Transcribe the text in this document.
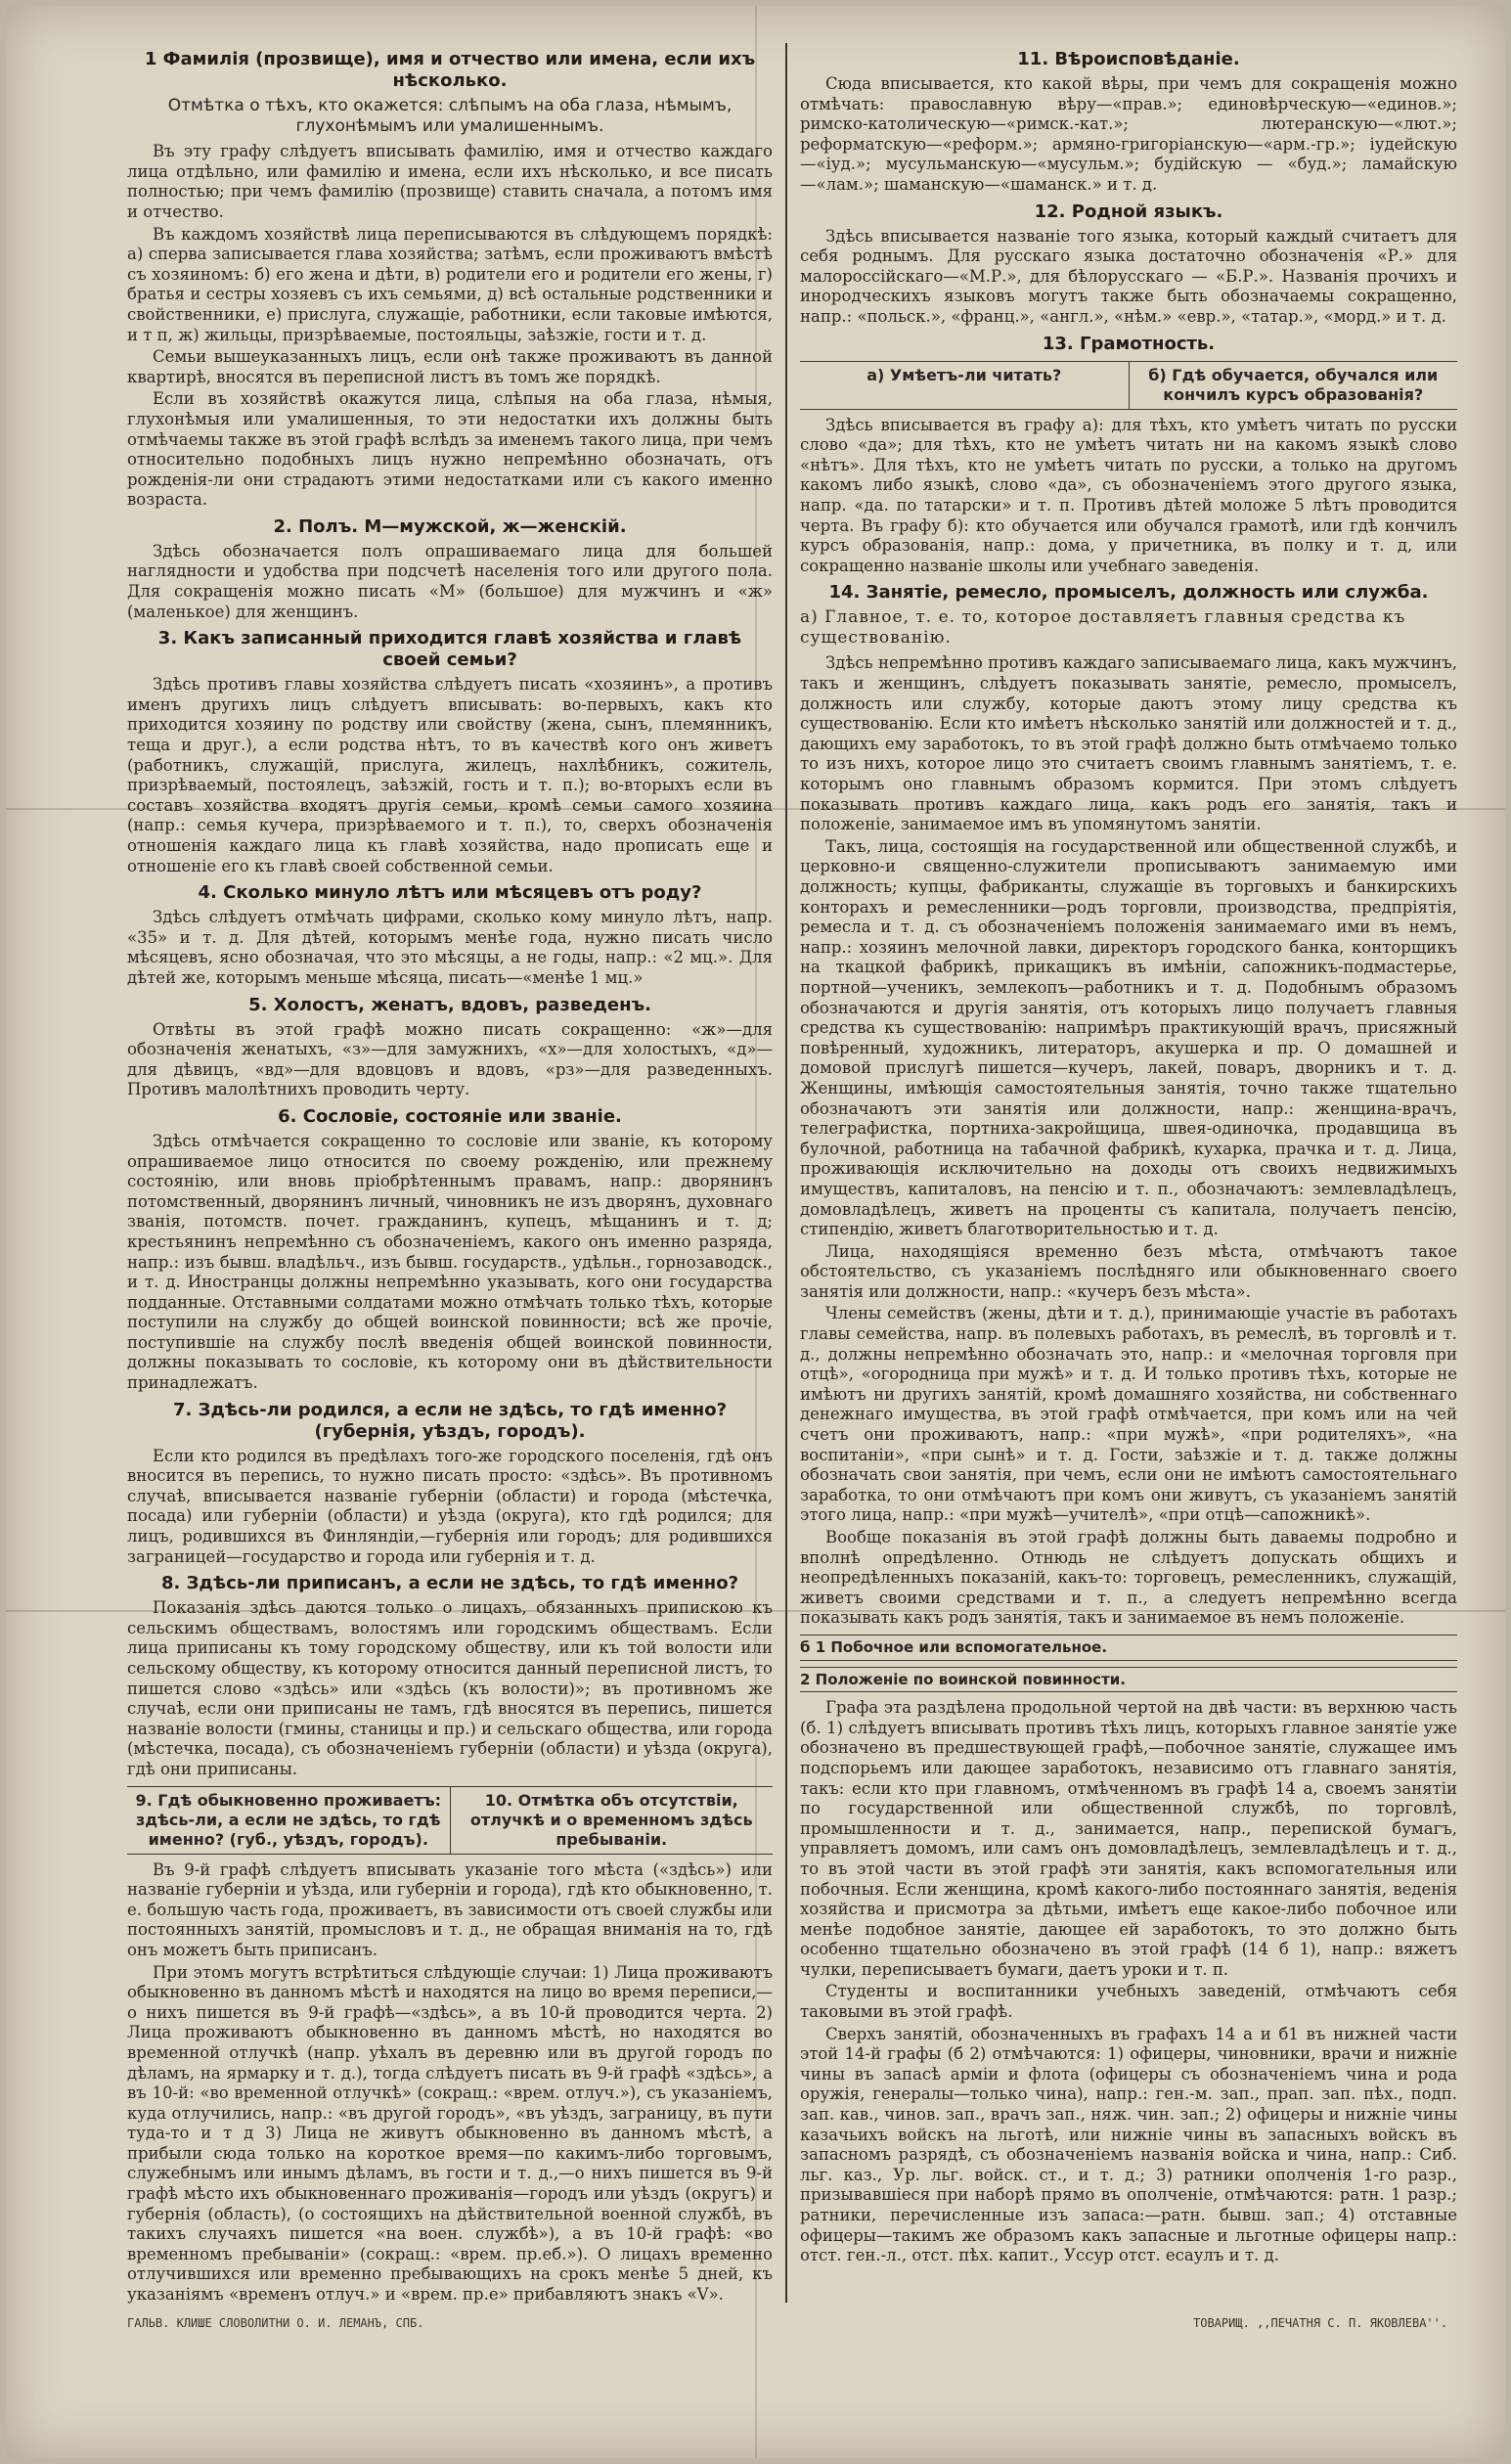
1 Фамилія (прозвище), имя и отчество или имена, если ихъ нѣсколько.

Отмѣтка о тѣхъ, кто окажется: слѣпымъ на оба глаза, нѣмымъ, глухонѣмымъ или умалишеннымъ.

Въ эту графу слѣдуетъ вписывать фамилію, имя и отчество каждаго лица отдѣльно, или фамилію и имена, если ихъ нѣсколько, и все писать полностью; при чемъ фамилію (прозвище) ставить сначала, а потомъ имя и отчество.

Въ каждомъ хозяйствѣ лица переписываются въ слѣдующемъ порядкѣ: а) сперва записывается глава хозяйства; затѣмъ, если проживаютъ вмѣстѣ съ хозяиномъ: б) его жена и дѣти, в) родители его и родители его жены, г) братья и сестры хозяевъ съ ихъ семьями, д) всѣ остальные родственники и свойственники, е) прислуга, служащіе, работники, если таковые имѣются, и т п, ж) жильцы, призрѣваемые, постояльцы, заѣзжіе, гости и т. д.

Семьи вышеуказанныхъ лицъ, если онѣ также проживаютъ въ данной квартирѣ, вносятся въ переписной листъ въ томъ же порядкѣ.

Если въ хозяйствѣ окажутся лица, слѣпыя на оба глаза, нѣмыя, глухонѣмыя или умалишенныя, то эти недостатки ихъ должны быть отмѣчаемы также въ этой графѣ вслѣдъ за именемъ такого лица, при чемъ относительно подобныхъ лицъ нужно непремѣнно обозначать, отъ рожденія-ли они страдаютъ этими недостатками или съ какого именно возраста.

2. Полъ. М—мужской, ж—женскій.

Здѣсь обозначается полъ опрашиваемаго лица для большей наглядности и удобства при подсчетѣ населенія того или другого пола. Для сокращенія можно писать «М» (большое) для мужчинъ и «ж» (маленькое) для женщинъ.

3. Какъ записанный приходится главѣ хозяйства и главѣ своей семьи?

Здѣсь противъ главы хозяйства слѣдуетъ писать «хозяинъ», а противъ именъ другихъ лицъ слѣдуетъ вписывать: во-первыхъ, какъ кто приходится хозяину по родству или свойству (жена, сынъ, племянникъ, теща и друг.), а если родства нѣтъ, то въ качествѣ кого онъ живетъ (работникъ, служащій, прислуга, жилецъ, нахлѣбникъ, сожитель, призрѣваемый, постоялецъ, заѣзжій, гость и т. п.); во-вторыхъ если въ составъ хозяйства входятъ другія семьи, кромѣ семьи самого хозяина (напр.: семья кучера, призрѣваемого и т. п.), то, сверхъ обозначенія отношенія каждаго лица къ главѣ хозяйства, надо прописать еще и отношеніе его къ главѣ своей собственной семьи.

4. Сколько минуло лѣтъ или мѣсяцевъ отъ роду?

Здѣсь слѣдуетъ отмѣчать цифрами, сколько кому минуло лѣтъ, напр. «35» и т. д. Для дѣтей, которымъ менѣе года, нужно писать число мѣсяцевъ, ясно обозначая, что это мѣсяцы, а не годы, напр.: «2 мц.». Для дѣтей же, которымъ меньше мѣсяца, писать—«менѣе 1 мц.»

5. Холостъ, женатъ, вдовъ, разведенъ.

Отвѣты въ этой графѣ можно писать сокращенно: «ж»—для обозначенія женатыхъ, «з»—для замужнихъ, «х»—для холостыхъ, «д»—для дѣвицъ, «вд»—для вдовцовъ и вдовъ, «рз»—для разведенныхъ. Противъ малолѣтнихъ проводить черту.

6. Сословіе, состояніе или званіе.

Здѣсь отмѣчается сокращенно то сословіе или званіе, къ которому опрашиваемое лицо относится по своему рожденію, или прежнему состоянію, или вновь пріобрѣтеннымъ правамъ, напр.: дворянинъ потомственный, дворянинъ личный, чиновникъ не изъ дворянъ, духовнаго званія, потомств. почет. гражданинъ, купецъ, мѣщанинъ и т. д; крестьянинъ непремѣнно съ обозначеніемъ, какого онъ именно разряда, напр.: изъ бывш. владѣльч., изъ бывш. государств., удѣльн., горнозаводск., и т. д. Иностранцы должны непремѣнно указывать, кого они государства подданные. Отставными солдатами можно отмѣчать только тѣхъ, которые поступили на службу до общей воинской повинности; всѣ же прочіе, поступившіе на службу послѣ введенія общей воинской повинности, должны показывать то сословіе, къ которому они въ дѣйствительности принадлежатъ.

7. Здѣсь-ли родился, а если не здѣсь, то гдѣ именно? (губернія, уѣздъ, городъ).

Если кто родился въ предѣлахъ того-же городского поселенія, гдѣ онъ вносится въ перепись, то нужно писать просто: «здѣсь». Въ противномъ случаѣ, вписывается названіе губерніи (области) и города (мѣстечка, посада) или губерніи (области) и уѣзда (округа), кто гдѣ родился; для лицъ, родившихся въ Финляндіи,—губернія или городъ; для родившихся заграницей—государство и города или губернія и т. д.

8. Здѣсь-ли приписанъ, а если не здѣсь, то гдѣ именно?

Показанія здѣсь даются только о лицахъ, обязанныхъ припискою къ сельскимъ обществамъ, волостямъ или городскимъ обществамъ. Если лица приписаны къ тому городскому обществу, или къ той волости или сельскому обществу, къ которому относится данный переписной листъ, то пишется слово «здѣсь» или «здѣсь (къ волости)»; въ противномъ же случаѣ, если они приписаны не тамъ, гдѣ вносятся въ перепись, пишется названіе волости (гмины, станицы и пр.) и сельскаго общества, или города (мѣстечка, посада), съ обозначеніемъ губерніи (области) и уѣзда (округа), гдѣ они приписаны.

9. Гдѣ обыкновенно проживаетъ: здѣсь-ли, а если не здѣсь, то гдѣ именно? (губ., уѣздъ, городъ).
10. Отмѣтка объ отсутствіи, отлучкѣ и о временномъ здѣсь пребываніи.

Въ 9-й графѣ слѣдуетъ вписывать указаніе того мѣста («здѣсь») или названіе губерніи и уѣзда, или губерніи и города), гдѣ кто обыкновенно, т. е. большую часть года, проживаетъ, въ зависимости отъ своей службы или постоянныхъ занятій, промысловъ и т. д., не обращая вниманія на то, гдѣ онъ можетъ быть приписанъ.

При этомъ могутъ встрѣтиться слѣдующіе случаи: 1) Лица проживаютъ обыкновенно въ данномъ мѣстѣ и находятся на лицо во время переписи,—о нихъ пишется въ 9-й графѣ—«здѣсь», а въ 10-й проводится черта. 2) Лица проживаютъ обыкновенно въ данномъ мѣстѣ, но находятся во временной отлучкѣ (напр. уѣхалъ въ деревню или въ другой городъ по дѣламъ, на ярмарку и т. д.), тогда слѣдуетъ писать въ 9-й графѣ «здѣсь», а въ 10-й: «во временной отлучкѣ» (сокращ.: «врем. отлуч.»), съ указаніемъ, куда отлучились, напр.: «въ другой городъ», «въ уѣздъ, заграницу, въ пути туда-то и т д 3) Лица не живутъ обыкновенно въ данномъ мѣстѣ, а прибыли сюда только на короткое время—по какимъ-либо торговымъ, служебнымъ или инымъ дѣламъ, въ гости и т. д.,—о нихъ пишется въ 9-й графѣ мѣсто ихъ обыкновеннаго проживанія—городъ или уѣздъ (округъ) и губернія (область), (о состоящихъ на дѣйствительной военной службѣ, въ такихъ случаяхъ пишется «на воен. службѣ»), а въ 10-й графѣ: «во временномъ пребываніи» (сокращ.: «врем. пр.еб.»). О лицахъ временно отлучившихся или временно пребывающихъ на срокъ менѣе 5 дней, къ указаніямъ «временъ отлуч.» и «врем. пр.е» прибавляютъ знакъ «V».

11. Вѣроисповѣданіе.

Сюда вписывается, кто какой вѣры, при чемъ для сокращенія можно отмѣчать: православную вѣру—«прав.»; единовѣрческую—«единов.»; римско-католическую—«римск.-кат.»; лютеранскую—«лют.»; реформатскую—«реформ.»; армяно-григоріанскую—«арм.-гр.»; іудейскую—«іуд.»; мусульманскую—«мусульм.»; будійскую — «буд.»; ламайскую—«лам.»; шаманскую—«шаманск.» и т. д.

12. Родной языкъ.

Здѣсь вписывается названіе того языка, который каждый считаетъ для себя роднымъ. Для русскаго языка достаточно обозначенія «Р.» для малороссійскаго—«М.Р.», для бѣлорусскаго — «Б.Р.». Названія прочихъ и инородческихъ языковъ могутъ также быть обозначаемы сокращенно, напр.: «польск.», «франц.», «англ.», «нѣм.» «евр.», «татар.», «морд.» и т. д.

13. Грамотность.
а) Умѣетъ-ли читать?	б) Гдѣ обучается, обучался или кончилъ курсъ образованія?

Здѣсь вписывается въ графу а): для тѣхъ, кто умѣетъ читать по русски слово «да»; для тѣхъ, кто не умѣетъ читать ни на какомъ языкѣ слово «нѣтъ». Для тѣхъ, кто не умѣетъ читать по русски, а только на другомъ какомъ либо языкѣ, слово «да», съ обозначеніемъ этого другого языка, напр. «да. по татарски» и т. п. Противъ дѣтей моложе 5 лѣтъ проводится черта. Въ графу б): кто обучается или обучался грамотѣ, или гдѣ кончилъ курсъ образованія, напр.: дома, у причетника, въ полку и т. д, или сокращенно названіе школы или учебнаго заведенія.

14. Занятіе, ремесло, промыселъ, должность или служба.

а) Главное, т. е. то, которое доставляетъ главныя средства къ существованію.

Здѣсь непремѣнно противъ каждаго записываемаго лица, какъ мужчинъ, такъ и женщинъ, слѣдуетъ показывать занятіе, ремесло, промыселъ, должность или службу, которые даютъ этому лицу средства къ существованію. Если кто имѣетъ нѣсколько занятій или должностей и т. д., дающихъ ему заработокъ, то въ этой графѣ должно быть отмѣчаемо только то изъ нихъ, которое лицо это считаетъ своимъ главнымъ занятіемъ, т. е. которымъ оно главнымъ образомъ кормится. При этомъ слѣдуетъ показывать противъ каждаго лица, какъ родъ его занятія, такъ и положеніе, занимаемое имъ въ упомянутомъ занятіи.

Такъ, лица, состоящія на государственной или общественной службѣ, и церковно-и священно-служители прописываютъ занимаемую ими должность; купцы, фабриканты, служащіе въ торговыхъ и банкирскихъ конторахъ и ремесленники—родъ торговли, производства, предпріятія, ремесла и т. д. съ обозначеніемъ положенія занимаемаго ими въ немъ, напр.: хозяинъ мелочной лавки, директоръ городского банка, конторщикъ на ткацкой фабрикѣ, прикащикъ въ имѣніи, сапожникъ-подмастерье, портной—ученикъ, землекопъ—работникъ и т. д. Подобнымъ образомъ обозначаются и другія занятія, отъ которыхъ лицо получаетъ главныя средства къ существованію: напримѣръ практикующій врачъ, присяжный повѣренный, художникъ, литераторъ, акушерка и пр. О домашней и домовой прислугѣ пишется—кучеръ, лакей, поваръ, дворникъ и т. д. Женщины, имѣющія самостоятельныя занятія, точно также тщательно обозначаютъ эти занятія или должности, напр.: женщина-врачъ, телеграфистка, портниха-закройщица, швея-одиночка, продавщица въ булочной, работница на табачной фабрикѣ, кухарка, прачка и т. д. Лица, проживающія исключительно на доходы отъ своихъ недвижимыхъ имуществъ, капиталовъ, на пенсію и т. п., обозначаютъ: землевладѣлецъ, домовладѣлецъ, живетъ на проценты съ капитала, получаетъ пенсію, стипендію, живетъ благотворительностью и т. д.

Лица, находящіяся временно безъ мѣста, отмѣчаютъ такое обстоятельство, съ указаніемъ послѣдняго или обыкновеннаго своего занятія или должности, напр.: «кучеръ безъ мѣста».

Члены семействъ (жены, дѣти и т. д.), принимающіе участіе въ работахъ главы семейства, напр. въ полевыхъ работахъ, въ ремеслѣ, въ торговлѣ и т. д., должны непремѣнно обозначать это, напр.: и «мелочная торговля при отцѣ», «огородница при мужѣ» и т. д. И только противъ тѣхъ, которые не имѣютъ ни другихъ занятій, кромѣ домашняго хозяйства, ни собственнаго денежнаго имущества, въ этой графѣ отмѣчается, при комъ или на чей счетъ они проживаютъ, напр.: «при мужѣ», «при родителяхъ», «на воспитаніи», «при сынѣ» и т. д. Гости, заѣзжіе и т. д. также должны обозначать свои занятія, при чемъ, если они не имѣютъ самостоятельнаго заработка, то они отмѣчаютъ при комъ они живутъ, съ указаніемъ занятій этого лица, напр.: «при мужѣ—учителѣ», «при отцѣ—сапожникѣ».

Вообще показанія въ этой графѣ должны быть даваемы подробно и вполнѣ опредѣленно. Отнюдь не слѣдуетъ допускать общихъ и неопредѣленныхъ показаній, какъ-то: торговецъ, ремесленникъ, служащій, живетъ своими средствами и т. п., а следуетъ непремѣнно всегда показывать какъ родъ занятія, такъ и занимаемое въ немъ положеніе.

б 1 Побочное или вспомогательное.

2 Положеніе по воинской повинности.

Графа эта раздѣлена продольной чертой на двѣ части: въ верхнюю часть (б. 1) слѣдуетъ вписывать противъ тѣхъ лицъ, которыхъ главное занятіе уже обозначено въ предшествующей графѣ,—побочное занятіе, служащее имъ подспорьемъ или дающее заработокъ, независимо отъ главнаго занятія, такъ: если кто при главномъ, отмѣченномъ въ графѣ 14 а, своемъ занятіи по государственной или общественной службѣ, по торговлѣ, промышленности и т. д., занимается, напр., перепиской бумагъ, управляетъ домомъ, или самъ онъ домовладѣлецъ, землевладѣлецъ и т. д., то въ этой части въ этой графѣ эти занятія, какъ вспомогательныя или побочныя. Если женщина, кромѣ какого-либо постояннаго занятія, веденія хозяйства и присмотра за дѣтьми, имѣетъ еще какое-либо побочное или менѣе подобное занятіе, дающее ей заработокъ, то это должно быть особенно тщательно обозначено въ этой графѣ (14 б 1), напр.: вяжетъ чулки, переписываетъ бумаги, даетъ уроки и т. п.

Студенты и воспитанники учебныхъ заведеній, отмѣчаютъ себя таковыми въ этой графѣ.

Сверхъ занятій, обозначенныхъ въ графахъ 14 а и б1 въ нижней части этой 14-й графы (б 2) отмѣчаются: 1) офицеры, чиновники, врачи и нижніе чины въ запасѣ арміи и флота (офицеры съ обозначеніемъ чина и рода оружія, генералы—только чина), напр.: ген.-м. зап., прап. зап. пѣх., подп. зап. кав., чинов. зап., врачъ зап., няж. чин. зап.; 2) офицеры и нижніе чины казачьихъ войскъ на льготѣ, или нижніе чины въ запасныхъ войскъ въ запасномъ разрядѣ, съ обозначеніемъ названія войска и чина, напр.: Сиб. льг. каз., Ур. льг. войск. ст., и т. д.; 3) ратники ополченія 1-го разр., призывавшіеся при наборѣ прямо въ ополченіе, отмѣчаются: ратн. 1 разр.; ратники, перечисленные изъ запаса:—ратн. бывш. зап.; 4) отставные офицеры—такимъ же образомъ какъ запасные и льготные офицеры напр.: отст. ген.-л., отст. пѣх. капит., Уссур отст. есаулъ и т. д.

ГАЛЬВ. КЛИШЕ СЛОВОЛИТНИ О. И. ЛЕМАНЪ, СПБ.	ТОВАРИЩ. ,,ПЕЧАТНЯ С. П. ЯКОВЛЕВА''.
